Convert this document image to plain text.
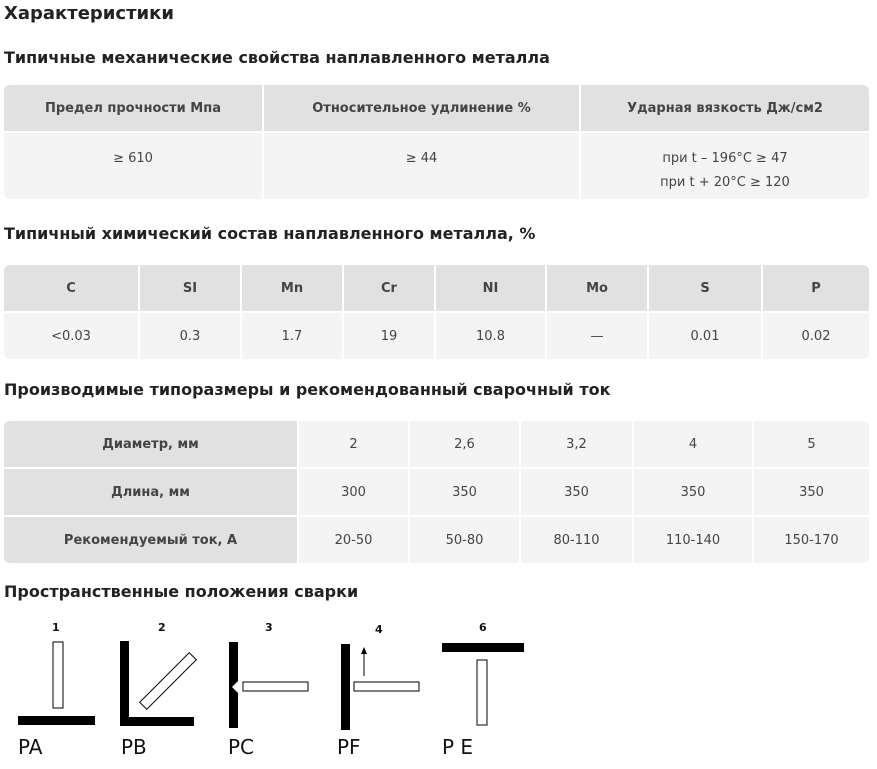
Характеристики
Типичные механические свойства наплавленного металла
Предел прочности Мпа	Относительное удлинение %	Ударная вязкость Дж/см2
≥ 610	≥ 44	при t – 196°С ≥ 47
при t + 20°С ≥ 120
Типичный химический состав наплавленного металла, %
C	SI	Mn	Cr	NI	Mo	S	P
<0.03	0.3	1.7	19	10.8	—	0.01	0.02
Производимые типоразмеры и рекомендованный сварочный ток
Диаметр, мм	2	2,6	3,2	4	5
Длина, мм	300	350	350	350	350
Рекомендуемый ток, А	20-50	50-80	80-110	110-140	150-170
Пространственные положения сварки
1
PA
2
PB
3
PC
4
PF
6
P E
